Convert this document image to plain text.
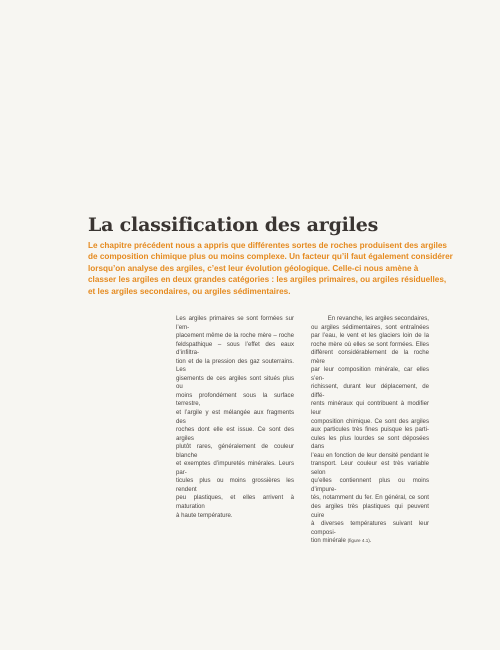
La classification des argiles

Le chapitre précédent nous a appris que différentes sortes de roches produisent des argiles
de composition chimique plus ou moins complexe. Un facteur qu’il faut également considérer
lorsqu’on analyse des argiles, c’est leur évolution géologique. Celle-ci nous amène à
classer les argiles en deux grandes catégories : les argiles primaires, ou argiles résiduelles,
et les argiles secondaires, ou argiles sédimentaires.

Les argiles primaires se sont formées sur l’em-
placement même de la roche mère – roche
feldspathique – sous l’effet des eaux d’infiltra-
tion et de la pression des gaz souterrains. Les
gisements de ces argiles sont situés plus ou
moins profondément sous la surface terrestre,
et l’argile y est mélangée aux fragments des
roches dont elle est issue. Ce sont des argiles
plutôt rares, généralement de couleur blanche
et exemptes d’impuretés minérales. Leurs par-
ticules plus ou moins grossières les rendent
peu plastiques, et elles arrivent à maturation
à haute température.

En revanche, les argiles secondaires,
ou argiles sédimentaires, sont entraînées
par l’eau, le vent et les glaciers loin de la
roche mère où elles se sont formées. Elles
diffèrent considérablement de la roche mère
par leur composition minérale, car elles s’en-
richissent, durant leur déplacement, de diffé-
rents minéraux qui contribuent à modifier leur
composition chimique. Ce sont des argiles
aux particules très fines puisque les parti-
cules les plus lourdes se sont déposées dans
l’eau en fonction de leur densité pendant le
transport. Leur couleur est très variable selon
qu’elles contiennent plus ou moins d’impure-
tés, notamment du fer. En général, ce sont
des argiles très plastiques qui peuvent cuire
à diverses températures suivant leur composi-
tion minérale (figure 4.1).
